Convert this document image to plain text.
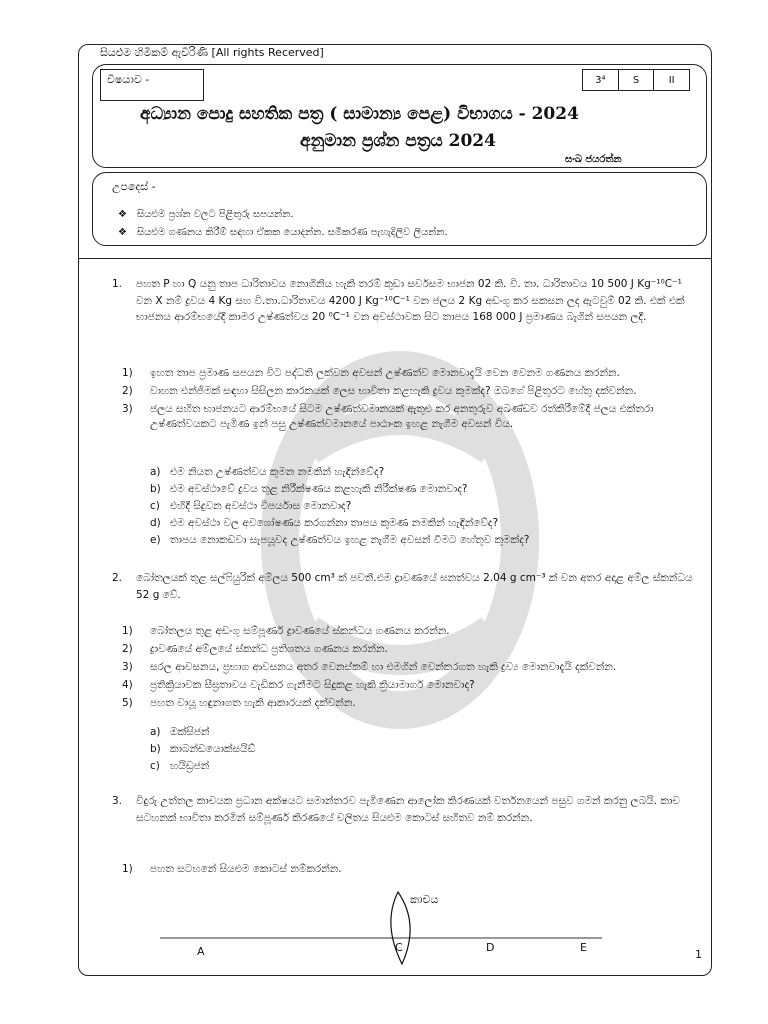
සියළුම හිමිකම් ඇවිරිණි [All rights Recerved]
විෂයාව -	3⁴	S	II
අධ්‍යාන පොදු සහතික පත්‍ර ( සාමාන්‍ය පෙළ) විභාගය - 2024
අනුමාන ප්‍රශ්න පත්‍රය 2024
සංඛ ජයරත්න
උපදෙස් -
❖ සියළුම ප්‍රශ්න වලට පිළිතුරු සපයන්න.
❖ සියළුම ගණනය කිරීම් සඳහා ඒකක යොදන්න. සමීකරණ පැහැදිලිව ලියන්න.
1.	පහත P හා Q යනු තාප ධාරිතාවය නොගිනිය හැකි තරම් කුඩා සර්වසම භාජන 02 කි. වි. තා. ධාරිතාවය 10 500 J Kg⁻¹⁰C⁻¹ වන X නම් ද්‍රවය 4 Kg සහ වි.තා.ධාරිතාවය 4200 J Kg⁻¹⁰C⁻¹ වන ජලය 2 Kg අඩංගු කර සකසන ලද ඇටවුම් 02 කි. එක් එක් භාජනය ආරම්භයේදී කාමර උෂ්ණත්වය 20 ⁰C⁻¹ වන අවස්ථාවක සිට තාපය 168 000 J ප්‍රමාණය බැගින් සපයන ලදී.
1)	ඉහත තාප ප්‍රමාණ සපයන විට පද්ධති ලක්වන අවසන් උෂ්ණත්ව මොනවාදැයි වෙන වෙනම ගණනය කරන්න.
2)	වාහන එන්ජිමක් සඳහා සිසිලන කාරකයක් ලෙස භාවිතා කළහැකි ද්‍රවය කුමක්ද? ඔබගේ පිළිතුරට හේතු දක්වන්න.
3)	ජලය සහිත භාජනයට ආරම්භයේ සිටම උෂ්ණත්වමානයක් ඇතුළු කර අනතුරුව අඛණ්ඩව රත්කිරීමේදී ජලය එක්තරා උෂ්ණත්වයකට පැමිණ ඉන් පසු උෂ්ණත්වමානයේ පාඨාංක ඉහළ නැගීම අවසන් විය.
a) එම නියත උෂ්ණත්වය කුමන නමකින් හැඳින්වේද?
b) එම අවස්ථාවේ ද්‍රවය තුළ නිරීක්ෂණය කළහැකි නිරීක්ෂණ මොනවාද?
c) එහිදී සිදුවන අවස්ථා විපර්යාස මොනවාද?
d) එම අවස්ථා වල අවශෝෂණය කරගන්නා තාපය කුමණ නමකින් හැඳින්වේද?
e) තාපය නොකඩවා සැපයූවද උෂ්ණත්වය ඉහළ නැගීම අවසන් වීමට හේතුව කුමක්ද?
2.	බෝතලයක් තුළ සල්ෆියුරික් අම්ලය 500 cm³ ක් පවතී.එම ද්‍රාවණයේ ඝනත්වය 2.04 g cm⁻³ ක් වන අතර අදාළ අම්ල ස්කන්ධය 52 g වේ.
1)	බෝතලය තුළ අඩංගු සම්පූර්ණ ද්‍රාවණයේ ස්කන්ධය ගණනය කරන්න.
2)	ද්‍රාවණයේ අම්ලයේ ස්කන්ධ ප්‍රතිශතය ගණනය කරන්න.
3)	සරල ආවසනය, ප්‍රභාග ආවසනය අතර වෙනස්කම් හා එමගින් වෙන්කරගත හැකි ද්‍රව්‍ය මොනවාදැයි දක්වන්න.
4)	ප්‍රතික්‍රියාවක සීඝ්‍රතාවය වැඩිකර ගැනීමට සිදුකළ හැකි ක්‍රියාමාර්ග මොනවාද?
5)	පහත වායූ හඳුනාගත හැකි ආකාරයක් දක්වන්න.
a) ඔක්සිජන්
b) කාබන්ඩයොක්සයිඩ්
c) හයිඩ්‍රජන්
3.	විදුරු උත්තල කාචයක ප්‍රධාන අක්ෂයට සමාන්තරව පැමිණෙන ආලෝක කිරණයක් වර්තනයෙන් පසුව ගමන් කරනු ලබයි. කාච සටහනක් භාවිතා කරමින් සම්පූර්ණ කිරණයේ චලිතය සියළුම කොටස් සහිතව නම් කරන්න.
1)	පහත සටහනේ සියළුම කොටස් නම්කරන්න.
කාචය
A	C	D	E
1
